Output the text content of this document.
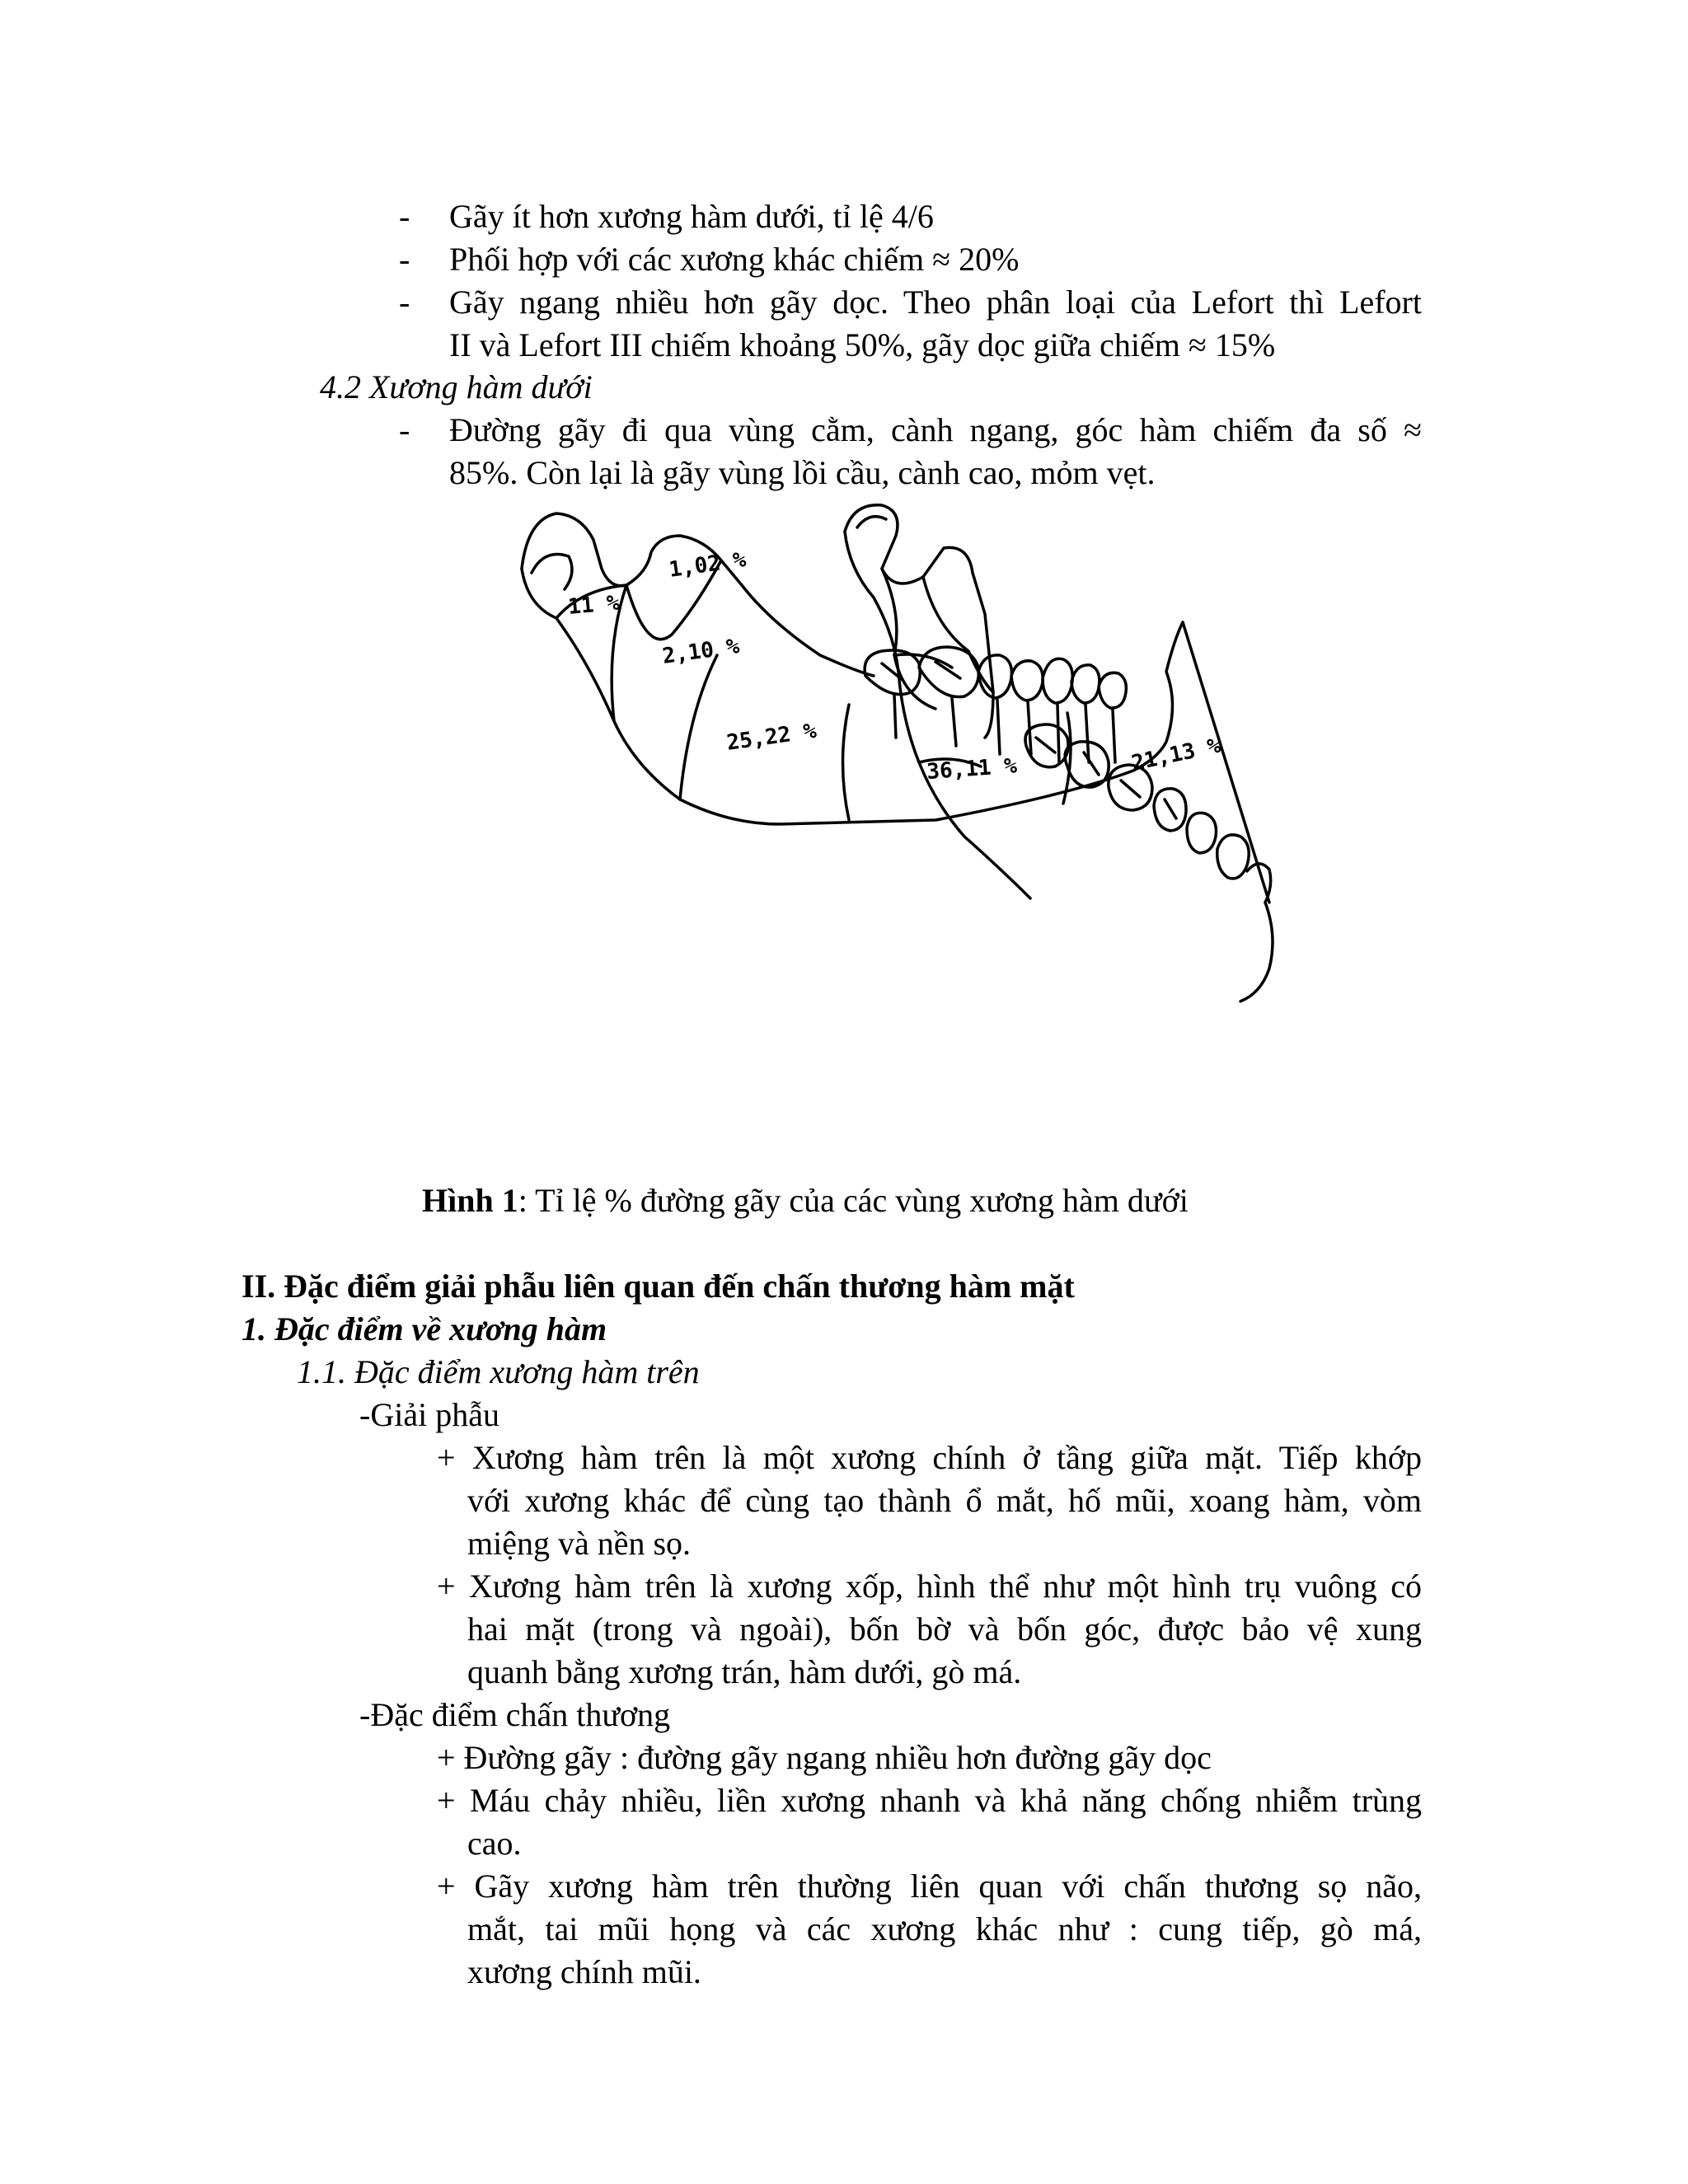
- Gãy ít hơn xương hàm dưới, tỉ lệ 4/6
- Phối hợp với các xương khác chiếm ≈ 20%
- Gãy ngang nhiều hơn gãy dọc. Theo phân loại của Lefort thì Lefort
II và Lefort III chiếm khoảng 50%, gãy dọc giữa chiếm ≈ 15%
4.2 Xương hàm dưới
- Đường gãy đi qua vùng cằm, cành ngang, góc hàm chiếm đa số ≈
85%. Còn lại là gãy vùng lồi cầu, cành cao, mỏm vẹt.
1,02 %
11 %
2,10 %
25,22 %
36,11 %	21,13 %
Hình 1: Tỉ lệ % đường gãy của các vùng xương hàm dưới
II. Đặc điểm giải phẫu liên quan đến chấn thương hàm mặt
1. Đặc điểm về xương hàm
1.1. Đặc điểm xương hàm trên
-Giải phẫu
+ Xương hàm trên là một xương chính ở tầng giữa mặt. Tiếp khớp
với xương khác để cùng tạo thành ổ mắt, hố mũi, xoang hàm, vòm
miệng và nền sọ.
+ Xương hàm trên là xương xốp, hình thể như một hình trụ vuông có
hai mặt (trong và ngoài), bốn bờ và bốn góc, được bảo vệ xung
quanh bằng xương trán, hàm dưới, gò má.
-Đặc điểm chấn thương
+ Đường gãy : đường gãy ngang nhiều hơn đường gãy dọc
+ Máu chảy nhiều, liền xương nhanh và khả năng chống nhiễm trùng
cao.
+ Gãy xương hàm trên thường liên quan với chấn thương sọ não,
mắt, tai mũi họng và các xương khác như : cung tiếp, gò má,
xương chính mũi.
